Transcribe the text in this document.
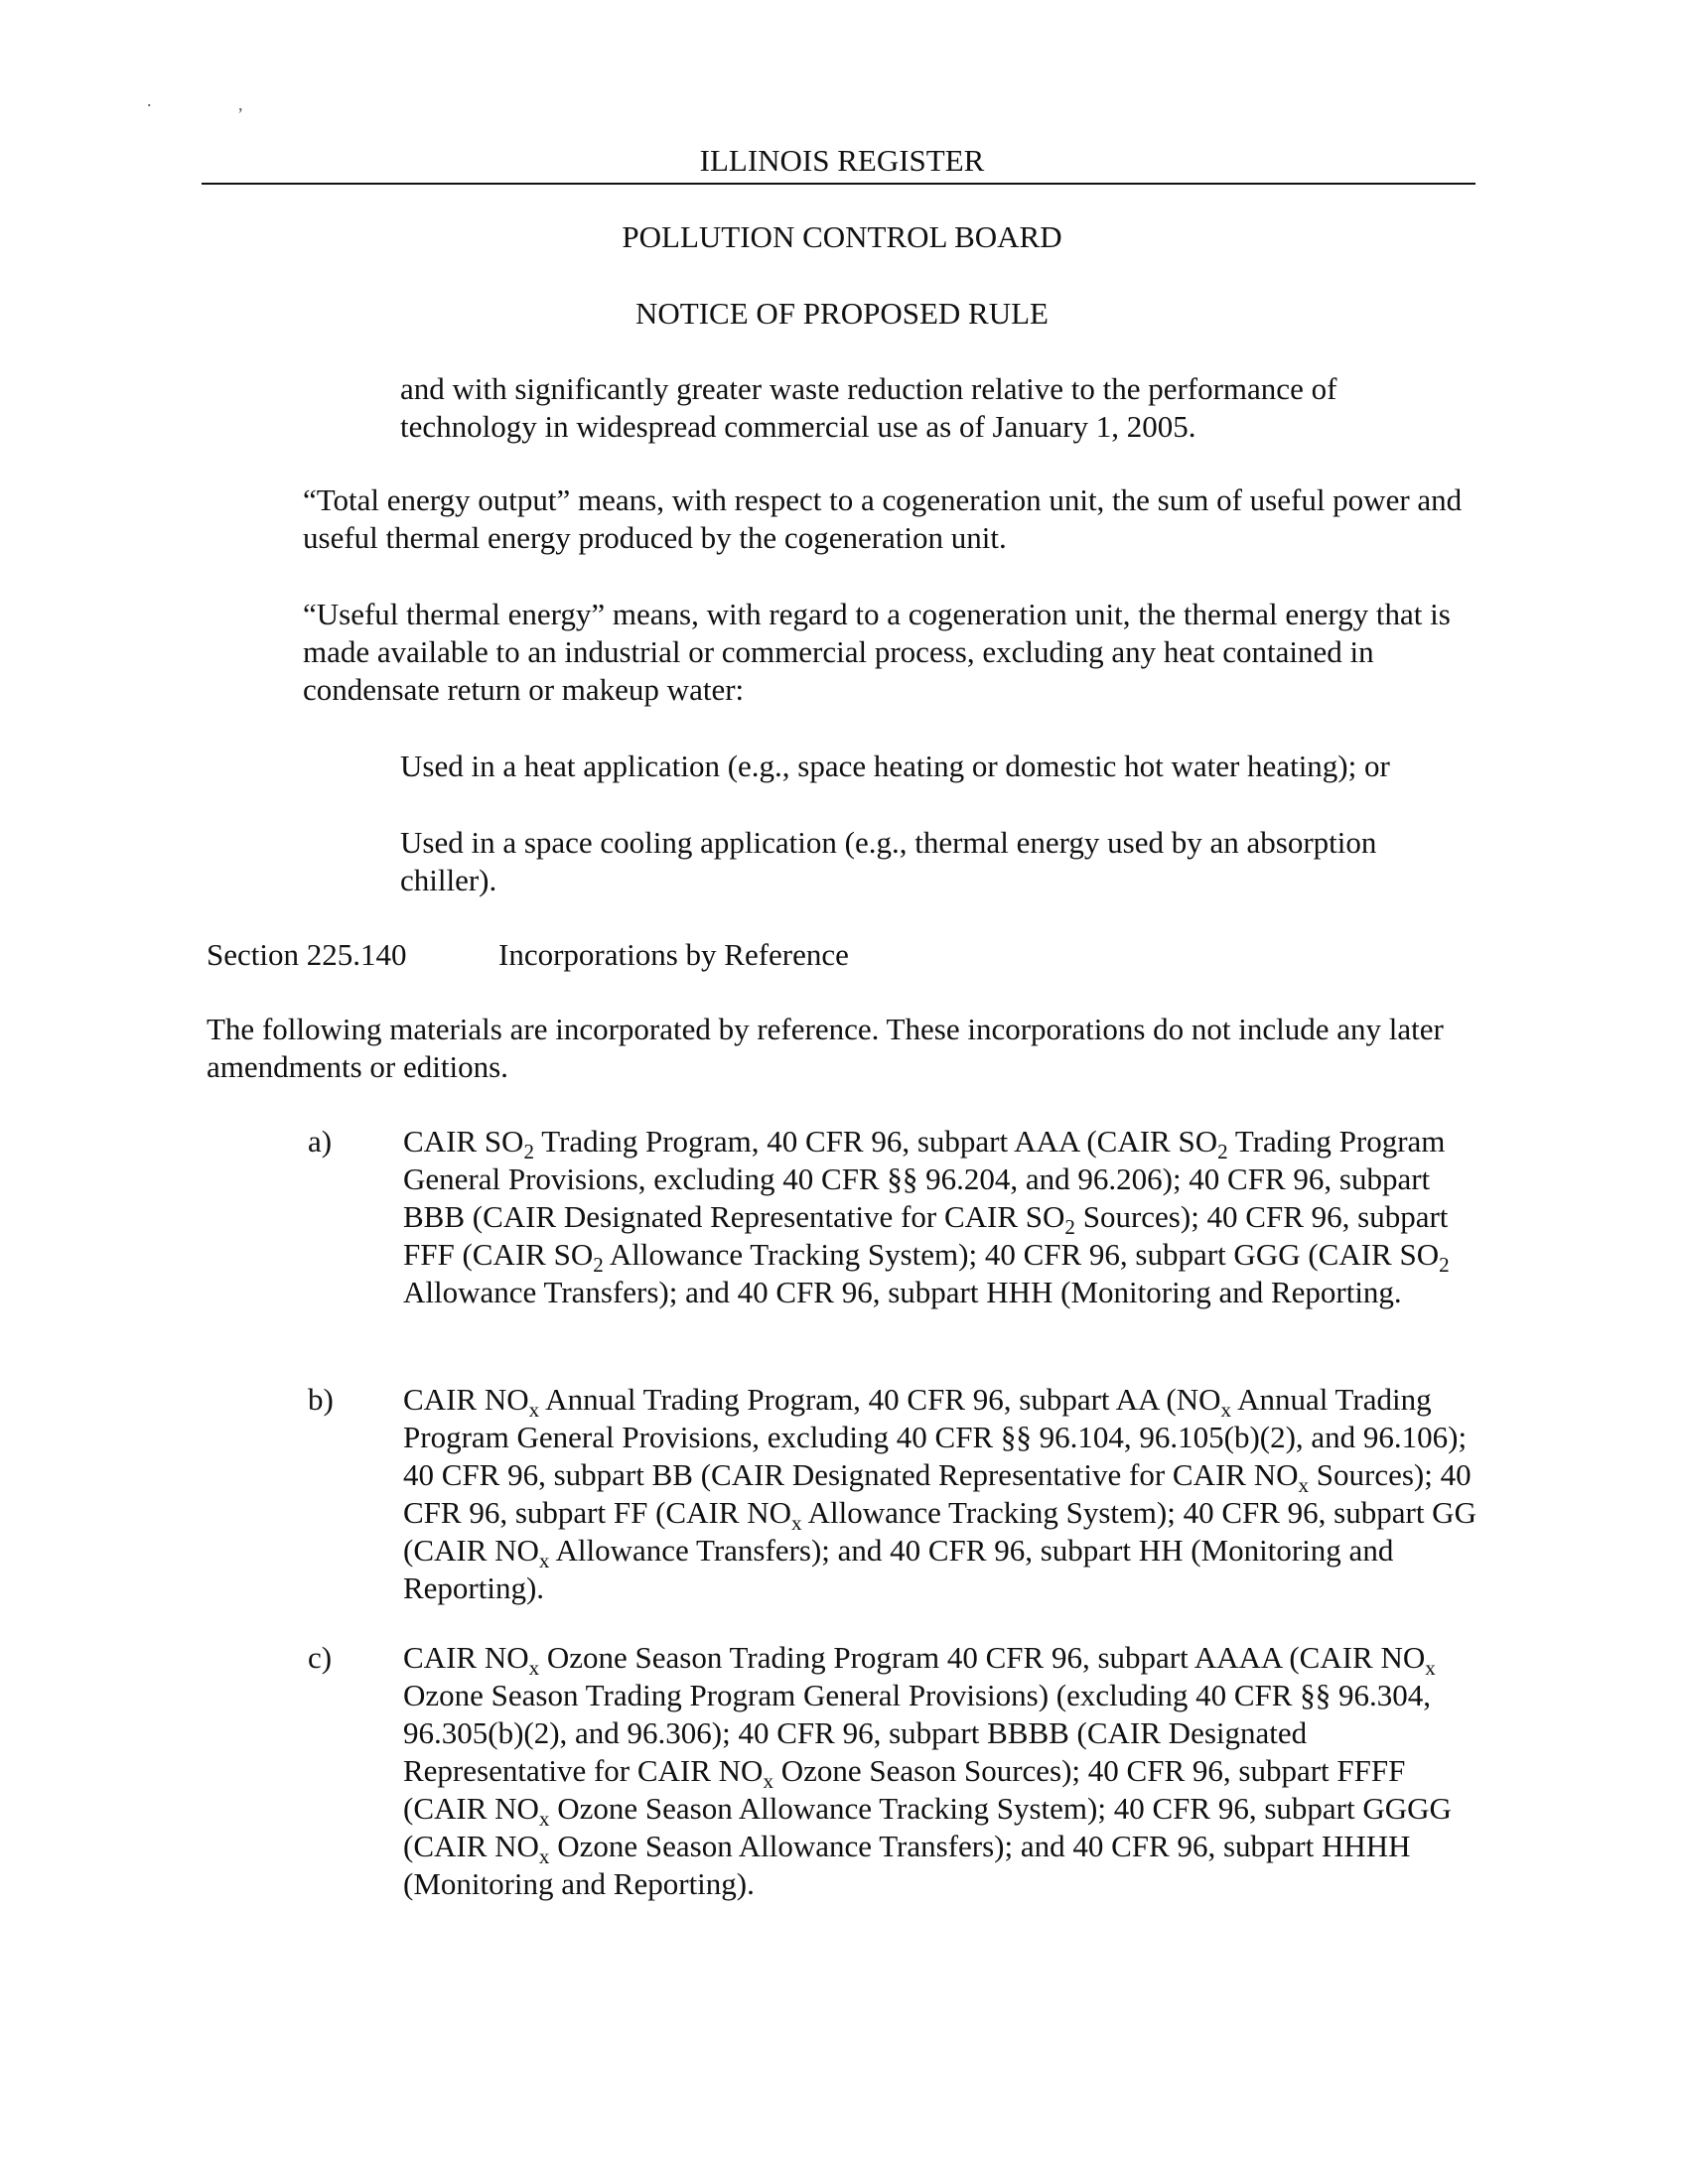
.	,
ILLINOIS REGISTER
POLLUTION CONTROL BOARD
NOTICE OF PROPOSED RULE

and with significantly greater waste reduction relative to the performance of technology in widespread commercial use as of January 1, 2005.

“Total energy output” means, with respect to a cogeneration unit, the sum of useful power and useful thermal energy produced by the cogeneration unit.

“Useful thermal energy” means, with regard to a cogeneration unit, the thermal energy that is made available to an industrial or commercial process, excluding any heat contained in condensate return or makeup water:

Used in a heat application (e.g., space heating or domestic hot water heating); or

Used in a space cooling application (e.g., thermal energy used by an absorption chiller).

Section 225.140	Incorporations by Reference

The following materials are incorporated by reference. These incorporations do not include any later amendments or editions.

a) CAIR $SO_2$ Trading Program, 40 CFR 96, subpart AAA (CAIR $SO_2$ Trading Program General Provisions, excluding 40 CFR §§ 96.204, and 96.206); 40 CFR 96, subpart BBB (CAIR Designated Representative for CAIR $SO_2$ Sources); 40 CFR 96, subpart FFF (CAIR $SO_2$ Allowance Tracking System); 40 CFR 96, subpart GGG (CAIR $SO_2$ Allowance Transfers); and 40 CFR 96, subpart HHH (Monitoring and Reporting.

b) CAIR $NO_x$ Annual Trading Program, 40 CFR 96, subpart AA ($NO_x$ Annual Trading Program General Provisions, excluding 40 CFR §§ 96.104, 96.105(b)(2), and 96.106); 40 CFR 96, subpart BB (CAIR Designated Representative for CAIR $NO_x$ Sources); 40 CFR 96, subpart FF (CAIR $NO_x$ Allowance Tracking System); 40 CFR 96, subpart GG (CAIR $NO_x$ Allowance Transfers); and 40 CFR 96, subpart HH (Monitoring and Reporting).

c) CAIR $NO_x$ Ozone Season Trading Program 40 CFR 96, subpart AAAA (CAIR $NO_x$ Ozone Season Trading Program General Provisions) (excluding 40 CFR §§ 96.304, 96.305(b)(2), and 96.306); 40 CFR 96, subpart BBBB (CAIR Designated Representative for CAIR $NO_x$ Ozone Season Sources); 40 CFR 96, subpart FFFF (CAIR $NO_x$ Ozone Season Allowance Tracking System); 40 CFR 96, subpart GGGG (CAIR $NO_x$ Ozone Season Allowance Transfers); and 40 CFR 96, subpart HHHH (Monitoring and Reporting).
